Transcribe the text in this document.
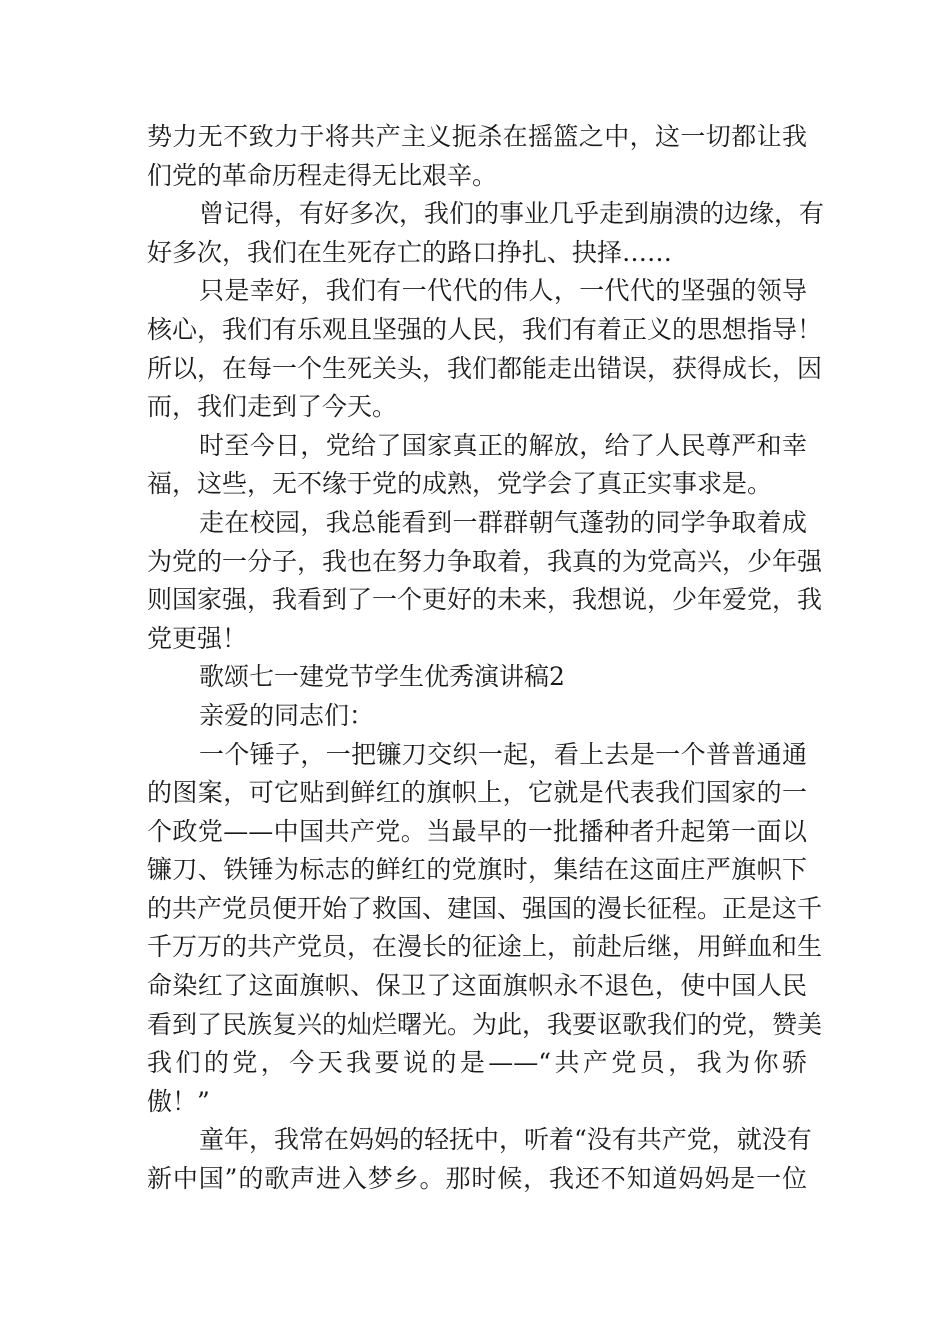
势力无不致力于将共产主义扼杀在摇篮之中，这一切都让我
们党的革命历程走得无比艰辛。
曾记得，有好多次，我们的事业几乎走到崩溃的边缘，有
好多次，我们在生死存亡的路口挣扎、抉择……
只是幸好，我们有一代代的伟人，一代代的坚强的领导
核心，我们有乐观且坚强的人民，我们有着正义的思想指导！
所以，在每一个生死关头，我们都能走出错误，获得成长，因
而，我们走到了今天。
时至今日，党给了国家真正的解放，给了人民尊严和幸
福，这些，无不缘于党的成熟，党学会了真正实事求是。
走在校园，我总能看到一群群朝气蓬勃的同学争取着成
为党的一分子，我也在努力争取着，我真的为党高兴，少年强
则国家强，我看到了一个更好的未来，我想说，少年爱党，我
党更强！
歌颂七一建党节学生优秀演讲稿2
亲爱的同志们：
一个锤子，一把镰刀交织一起，看上去是一个普普通通
的图案，可它贴到鲜红的旗帜上，它就是代表我们国家的一
个政党——中国共产党。当最早的一批播种者升起第一面以
镰刀、铁锤为标志的鲜红的党旗时，集结在这面庄严旗帜下
的共产党员便开始了救国、建国、强国的漫长征程。正是这千
千万万的共产党员，在漫长的征途上，前赴后继，用鲜血和生
命染红了这面旗帜、保卫了这面旗帜永不退色，使中国人民
看到了民族复兴的灿烂曙光。为此，我要讴歌我们的党，赞美
我们的党，今天我要说的是——“共产党员，我为你骄
傲！”
童年，我常在妈妈的轻抚中，听着“没有共产党，就没有
新中国”的歌声进入梦乡。那时候，我还不知道妈妈是一位
